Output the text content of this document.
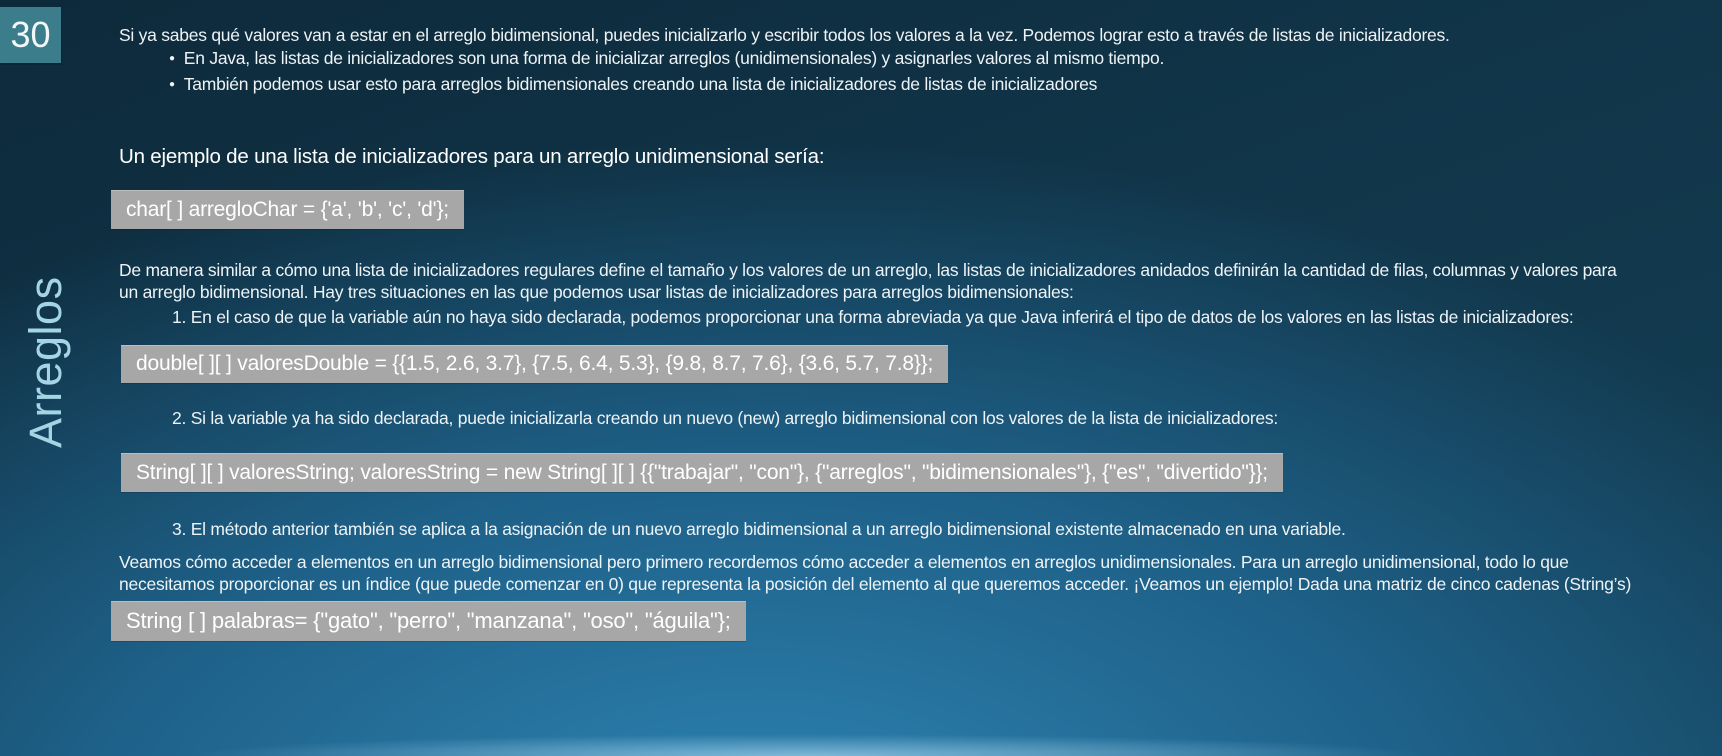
30
Arreglos
Si ya sabes qué valores van a estar en el arreglo bidimensional, puedes inicializarlo y escribir todos los valores a la vez. Podemos lograr esto a través de listas de inicializadores.
● En Java, las listas de inicializadores son una forma de inicializar arreglos (unidimensionales) y asignarles valores al mismo tiempo.
● También podemos usar esto para arreglos bidimensionales creando una lista de inicializadores de listas de inicializadores
Un ejemplo de una lista de inicializadores para un arreglo unidimensional sería:
char[ ] arregloChar = {'a', 'b', 'c', 'd'};
De manera similar a cómo una lista de inicializadores regulares define el tamaño y los valores de un arreglo, las listas de inicializadores anidados definirán la cantidad de filas, columnas y valores para un arreglo bidimensional. Hay tres situaciones en las que podemos usar listas de inicializadores para arreglos bidimensionales:
1. En el caso de que la variable aún no haya sido declarada, podemos proporcionar una forma abreviada ya que Java inferirá el tipo de datos de los valores en las listas de inicializadores:
double[ ][ ] valoresDouble = {{1.5, 2.6, 3.7}, {7.5, 6.4, 5.3}, {9.8, 8.7, 7.6}, {3.6, 5.7, 7.8}};
2. Si la variable ya ha sido declarada, puede inicializarla creando un nuevo (new) arreglo bidimensional con los valores de la lista de inicializadores:
String[ ][ ] valoresString; valoresString = new String[ ][ ] {{"trabajar", "con"}, {"arreglos", "bidimensionales"}, {"es", "divertido"}};
3. El método anterior también se aplica a la asignación de un nuevo arreglo bidimensional a un arreglo bidimensional existente almacenado en una variable.
Veamos cómo acceder a elementos en un arreglo bidimensional pero primero recordemos cómo acceder a elementos en arreglos unidimensionales. Para un arreglo unidimensional, todo lo que necesitamos proporcionar es un índice (que puede comenzar en 0) que representa la posición del elemento al que queremos acceder. ¡Veamos un ejemplo! Dada una matriz de cinco cadenas (String’s)
String [ ] palabras= {"gato", "perro", "manzana", "oso", "águila"};
